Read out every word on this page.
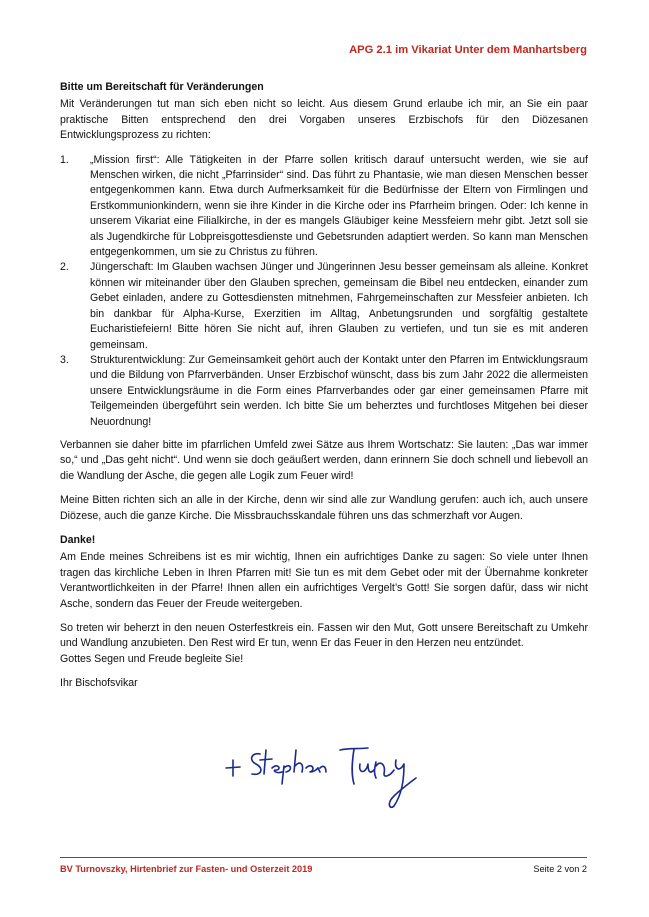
APG 2.1 im Vikariat Unter dem Manhartsberg
Bitte um Bereitschaft für Veränderungen

Mit Veränderungen tut man sich eben nicht so leicht. Aus diesem Grund erlaube ich mir, an Sie ein paar praktische Bitten entsprechend den drei Vorgaben unseres Erzbischofs für den Diözesanen Entwicklungsprozess zu richten:

1. „Mission first“: Alle Tätigkeiten in der Pfarre sollen kritisch darauf untersucht werden, wie sie auf Menschen wirken, die nicht „Pfarrinsider“ sind. Das führt zu Phantasie, wie man diesen Menschen besser entgegenkommen kann. Etwa durch Aufmerksamkeit für die Bedürfnisse der Eltern von Firmlingen und Erstkommunionkindern, wenn sie ihre Kinder in die Kirche oder ins Pfarrheim bringen. Oder: Ich kenne in unserem Vikariat eine Filialkirche, in der es mangels Gläubiger keine Messfeiern mehr gibt. Jetzt soll sie als Jugendkirche für Lobpreisgottesdienste und Gebetsrunden adaptiert werden. So kann man Menschen entgegenkommen, um sie zu Christus zu führen.
2. Jüngerschaft: Im Glauben wachsen Jünger und Jüngerinnen Jesu besser gemeinsam als alleine. Konkret können wir miteinander über den Glauben sprechen, gemeinsam die Bibel neu entdecken, einander zum Gebet einladen, andere zu Gottesdiensten mitnehmen, Fahrgemeinschaften zur Messfeier anbieten. Ich bin dankbar für Alpha-Kurse, Exerzitien im Alltag, Anbetungsrunden und sorgfältig gestaltete Eucharistiefeiern! Bitte hören Sie nicht auf, ihren Glauben zu vertiefen, und tun sie es mit anderen gemeinsam.
3. Strukturentwicklung: Zur Gemeinsamkeit gehört auch der Kontakt unter den Pfarren im Entwicklungsraum und die Bildung von Pfarrverbänden. Unser Erzbischof wünscht, dass bis zum Jahr 2022 die allermeisten unsere Entwicklungsräume in die Form eines Pfarrverbandes oder gar einer gemeinsamen Pfarre mit Teilgemeinden übergeführt sein werden. Ich bitte Sie um beherztes und furchtloses Mitgehen bei dieser Neuordnung!

Verbannen sie daher bitte im pfarrlichen Umfeld zwei Sätze aus Ihrem Wortschatz: Sie lauten: „Das war immer so,“ und „Das geht nicht“. Und wenn sie doch geäußert werden, dann erinnern Sie doch schnell und liebevoll an die Wandlung der Asche, die gegen alle Logik zum Feuer wird!

Meine Bitten richten sich an alle in der Kirche, denn wir sind alle zur Wandlung gerufen: auch ich, auch unsere Diözese, auch die ganze Kirche. Die Missbrauchsskandale führen uns das schmerzhaft vor Augen.

Danke!

Am Ende meines Schreibens ist es mir wichtig, Ihnen ein aufrichtiges Danke zu sagen: So viele unter Ihnen tragen das kirchliche Leben in Ihren Pfarren mit! Sie tun es mit dem Gebet oder mit der Übernahme konkreter Verantwortlichkeiten in der Pfarre! Ihnen allen ein aufrichtiges Vergelt’s Gott! Sie sorgen dafür, dass wir nicht Asche, sondern das Feuer der Freude weitergeben.

So treten wir beherzt in den neuen Osterfestkreis ein. Fassen wir den Mut, Gott unsere Bereitschaft zu Umkehr und Wandlung anzubieten. Den Rest wird Er tun, wenn Er das Feuer in den Herzen neu entzündet.

Gottes Segen und Freude begleite Sie!

Ihr Bischofsvikar

BV Turnovszky, Hirtenbrief zur Fasten- und Osterzeit 2019	Seite 2 von 2
